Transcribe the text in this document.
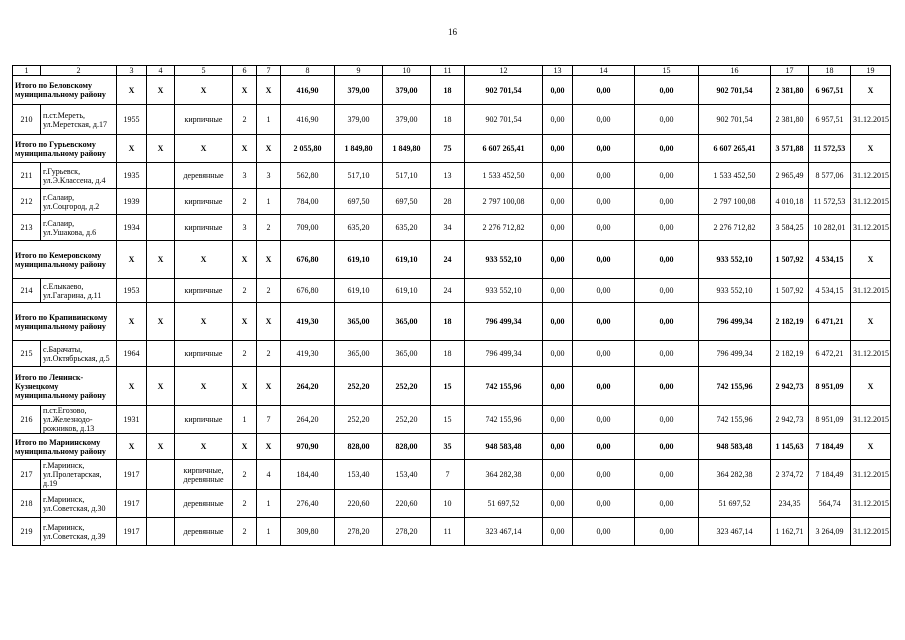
16
1	2	3	4	5	6	7	8	9	10	11	12	13	14	15	16	17	18	19
Итого по Беловскому муниципальному району		X	X	X	X	X	416,90	379,00	379,00	18	902 701,54	0,00	0,00	0,00	902 701,54	2 381,80	6 967,51	X
210	п.ст.Мереть, ул.Меретская, д.17	1955		кирпичные	2	1	416,90	379,00	379,00	18	902 701,54	0,00	0,00	0,00	902 701,54	2 381,80	6 957,51	31.12.2015
Итого по Гурьевскому муниципальному району		X	X	X	X	X	2 055,80	1 849,80	1 849,80	75	6 607 265,41	0,00	0,00	0,00	6 607 265,41	3 571,88	11 572,53	X
211	г.Гурьевск, ул.Э.Классена, д.4	1935		деревянные	3	3	562,80	517,10	517,10	13	1 533 452,50	0,00	0,00	0,00	1 533 452,50	2 965,49	8 577,06	31.12.2015
212	г.Салаир, ул.Соцгород, д.2	1939		кирпичные	2	1	784,00	697,50	697,50	28	2 797 100,08	0,00	0,00	0,00	2 797 100,08	4 010,18	11 572,53	31.12.2015
213	г.Салаир, ул.Ушакова, д.6	1934		кирпичные	3	2	709,00	635,20	635,20	34	2 276 712,82	0,00	0,00	0,00	2 276 712,82	3 584,25	10 282,01	31.12.2015
Итого по Кемеровскому муниципальному району		X	X	X	X	X	676,80	619,10	619,10	24	933 552,10	0,00	0,00	0,00	933 552,10	1 507,92	4 534,15	X
214	с.Елыкаево, ул.Гагарина, д.11	1953		кирпичные	2	2	676,80	619,10	619,10	24	933 552,10	0,00	0,00	0,00	933 552,10	1 507,92	4 534,15	31.12.2015
Итого по Крапивинскому муниципальному району		X	X	X	X	X	419,30	365,00	365,00	18	796 499,34	0,00	0,00	0,00	796 499,34	2 182,19	6 471,21	X
215	с.Барачаты, ул.Октябрьская, д.5	1964		кирпичные	2	2	419,30	365,00	365,00	18	796 499,34	0,00	0,00	0,00	796 499,34	2 182,19	6 472,21	31.12.2015
Итого по Ленинск-Кузнецкому муниципальному району		X	X	X	X	X	264,20	252,20	252,20	15	742 155,96	0,00	0,00	0,00	742 155,96	2 942,73	8 951,09	X
216	п.ст.Егозово, ул.Железнодо-рожников, д.13	1931		кирпичные	1	7	264,20	252,20	252,20	15	742 155,96	0,00	0,00	0,00	742 155,96	2 942,73	8 951,09	31.12.2015
Итого по Мариинскому муниципальному району		X	X	X	X	X	970,90	828,00	828,00	35	948 583,48	0,00	0,00	0,00	948 583,48	1 145,63	7 184,49	X
217	г.Мариинск, ул.Пролетарская, д.19	1917		кирпичные, деревянные	2	4	184,40	153,40	153,40	7	364 282,38	0,00	0,00	0,00	364 282,38	2 374,72	7 184,49	31.12.2015
218	г.Мариинск, ул.Советская, д.30	1917		деревянные	2	1	276,40	220,60	220,60	10	51 697,52	0,00	0,00	0,00	51 697,52	234,35	564,74	31.12.2015
219	г.Мариинск, ул.Советская, д.39	1917		деревянные	2	1	309,80	278,20	278,20	11	323 467,14	0,00	0,00	0,00	323 467,14	1 162,71	3 264,09	31.12.2015
